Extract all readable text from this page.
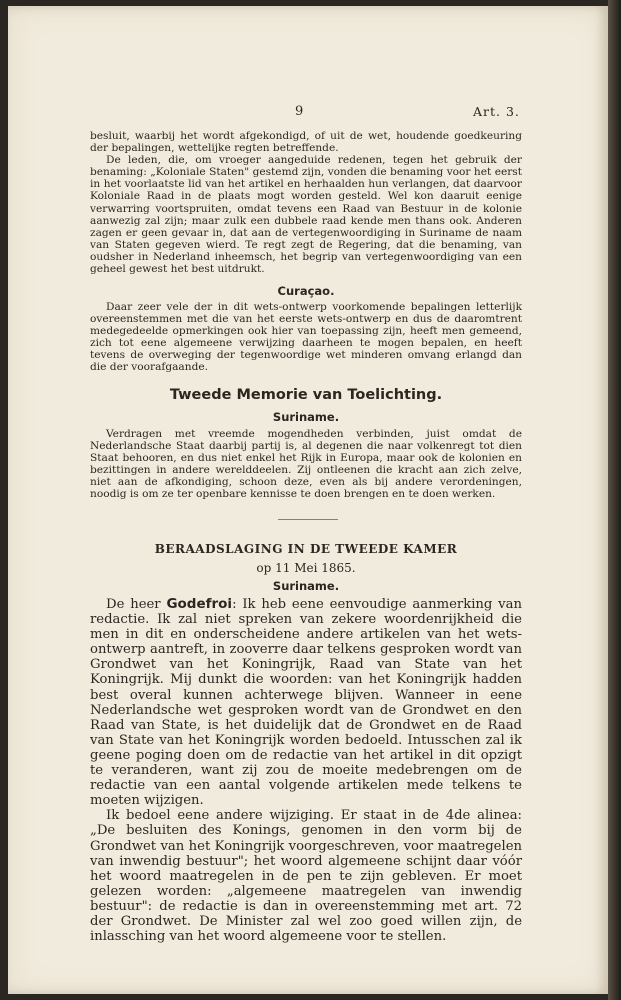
9	Art. 3.

besluit, waarbij het wordt afgekondigd, of uit de wet, houdende goedkeuring der bepalingen, wettelijke regten betreffende.

De leden, die, om vroeger aangeduide redenen, tegen het gebruik der benaming: „Koloniale Staten" gestemd zijn, vonden die benaming voor het eerst in het voorlaatste lid van het artikel en herhaalden hun verlangen, dat daarvoor Koloniale Raad in de plaats mogt worden gesteld. Wel kon daaruit eenige verwarring voortspruiten, omdat tevens een Raad van Bestuur in de kolonie aanwezig zal zijn; maar zulk een dubbele raad kende men thans ook. Anderen zagen er geen gevaar in, dat aan de vertegenwoordiging in Suriname de naam van Staten gegeven wierd. Te regt zegt de Regering, dat die benaming, van oudsher in Nederland inheemsch, het begrip van vertegenwoordiging van een geheel gewest het best uitdrukt.

Curaçao.

Daar zeer vele der in dit wets-ontwerp voorkomende bepalingen letterlijk overeenstemmen met die van het eerste wets-ontwerp en dus de daaromtrent medegedeelde opmerkingen ook hier van toepassing zijn, heeft men gemeend, zich tot eene algemeene verwijzing daarheen te mogen bepalen, en heeft tevens de overweging der tegenwoordige wet minderen omvang erlangd dan die der voorafgaande.

Tweede Memorie van Toelichting.
Suriname.

Verdragen met vreemde mogendheden verbinden, juist omdat de Nederlandsche Staat daarbij partij is, al degenen die naar volkenregt tot dien Staat behooren, en dus niet enkel het Rijk in Europa, maar ook de kolonien en bezittingen in andere werelddeelen. Zij ontleenen die kracht aan zich zelve, niet aan de afkondiging, schoon deze, even als bij andere verordeningen, noodig is om ze ter openbare kennisse te doen brengen en te doen werken.

BERAADSLAGING IN DE TWEEDE KAMER
op 11 Mei 1865.
Suriname.

De heer Godefroi: Ik heb eene eenvoudige aanmerking van redactie. Ik zal niet spreken van zekere woordenrijkheid die men in dit en onderscheidene andere artikelen van het wets-ontwerp aantreft, in zooverre daar telkens gesproken wordt van Grondwet van het Koningrijk, Raad van State van het Koningrijk. Mij dunkt die woorden: van het Koningrijk hadden best overal kunnen achterwege blijven. Wanneer in eene Nederlandsche wet gesproken wordt van de Grondwet en den Raad van State, is het duidelijk dat de Grondwet en de Raad van State van het Koningrijk worden bedoeld. Intusschen zal ik geene poging doen om de redactie van het artikel in dit opzigt te veranderen, want zij zou de moeite medebrengen om de redactie van een aantal volgende artikelen mede telkens te moeten wijzigen.

Ik bedoel eene andere wijziging. Er staat in de 4de alinea: „De besluiten des Konings, genomen in den vorm bij de Grondwet van het Koningrijk voorgeschreven, voor maatregelen van inwendig bestuur"; het woord algemeene schijnt daar vóór het woord maatregelen in de pen te zijn gebleven. Er moet gelezen worden: „algemeene maatregelen van inwendig bestuur": de redactie is dan in overeenstemming met art. 72 der Grondwet. De Minister zal wel zoo goed willen zijn, de inlassching van het woord algemeene voor te stellen.
